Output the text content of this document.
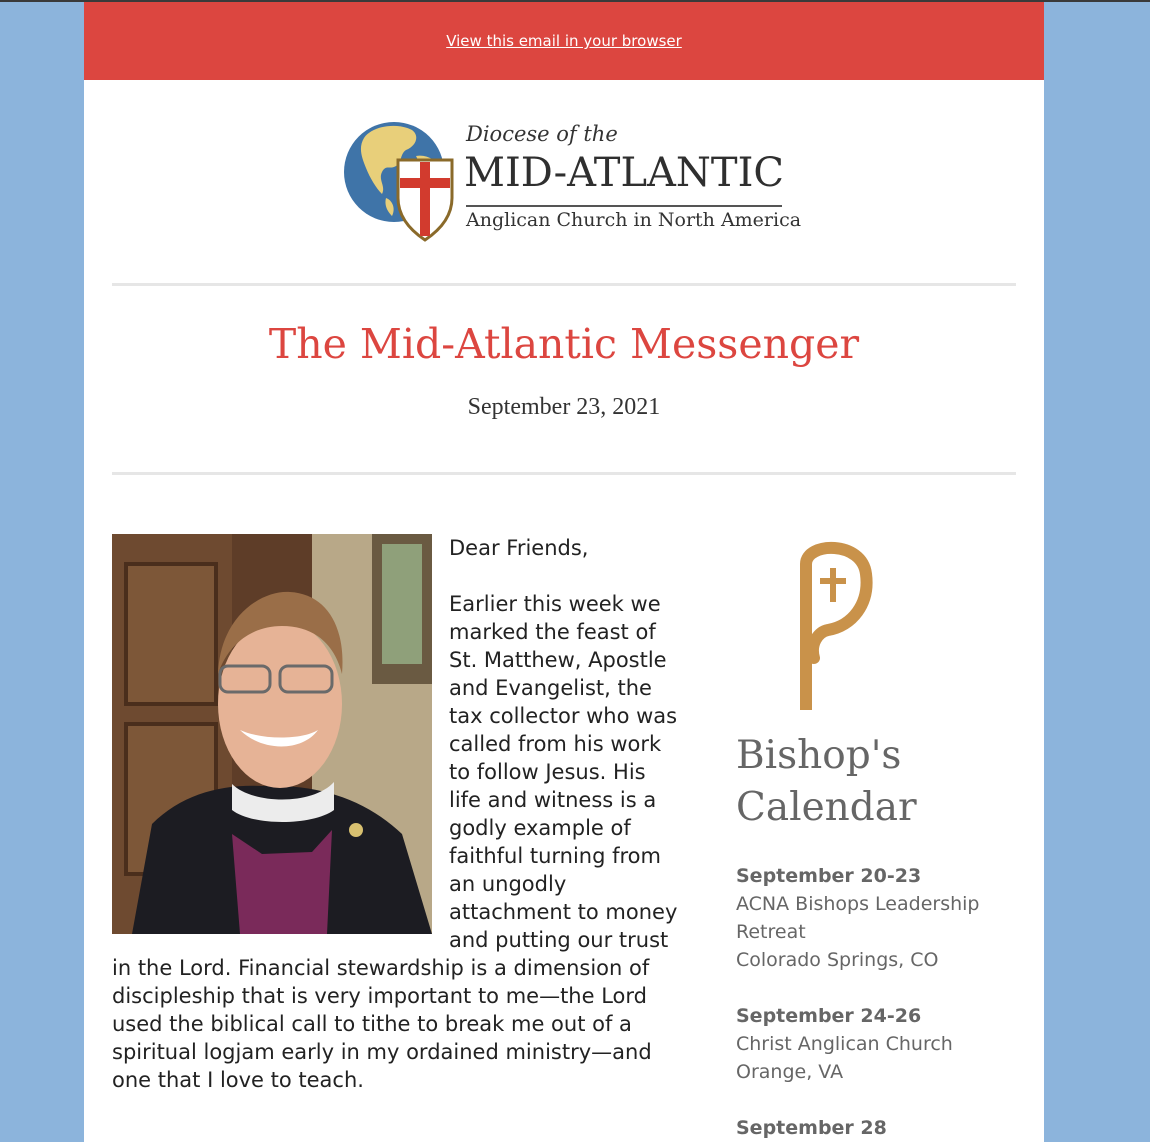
View this email in your browser
Diocese of the
MID-ATLANTIC
Anglican Church in North America
The Mid-Atlantic Messenger
September 23, 2021

Dear Friends,

Earlier this week we marked the feast of St. Matthew, Apostle and Evangelist, the tax collector who was called from his work to follow Jesus. His life and witness is a godly example of faithful turning from an ungodly attachment to money and putting our trust in the Lord. Financial stewardship is a dimension of discipleship that is very important to me—the Lord used the biblical call to tithe to break me out of a spiritual logjam early in my ordained ministry—and one that I love to teach.

Bishop's Calendar
September 20-23
ACNA Bishops Leadership Retreat
Colorado Springs, CO
September 24-26
Christ Anglican Church
Orange, VA
September 28
